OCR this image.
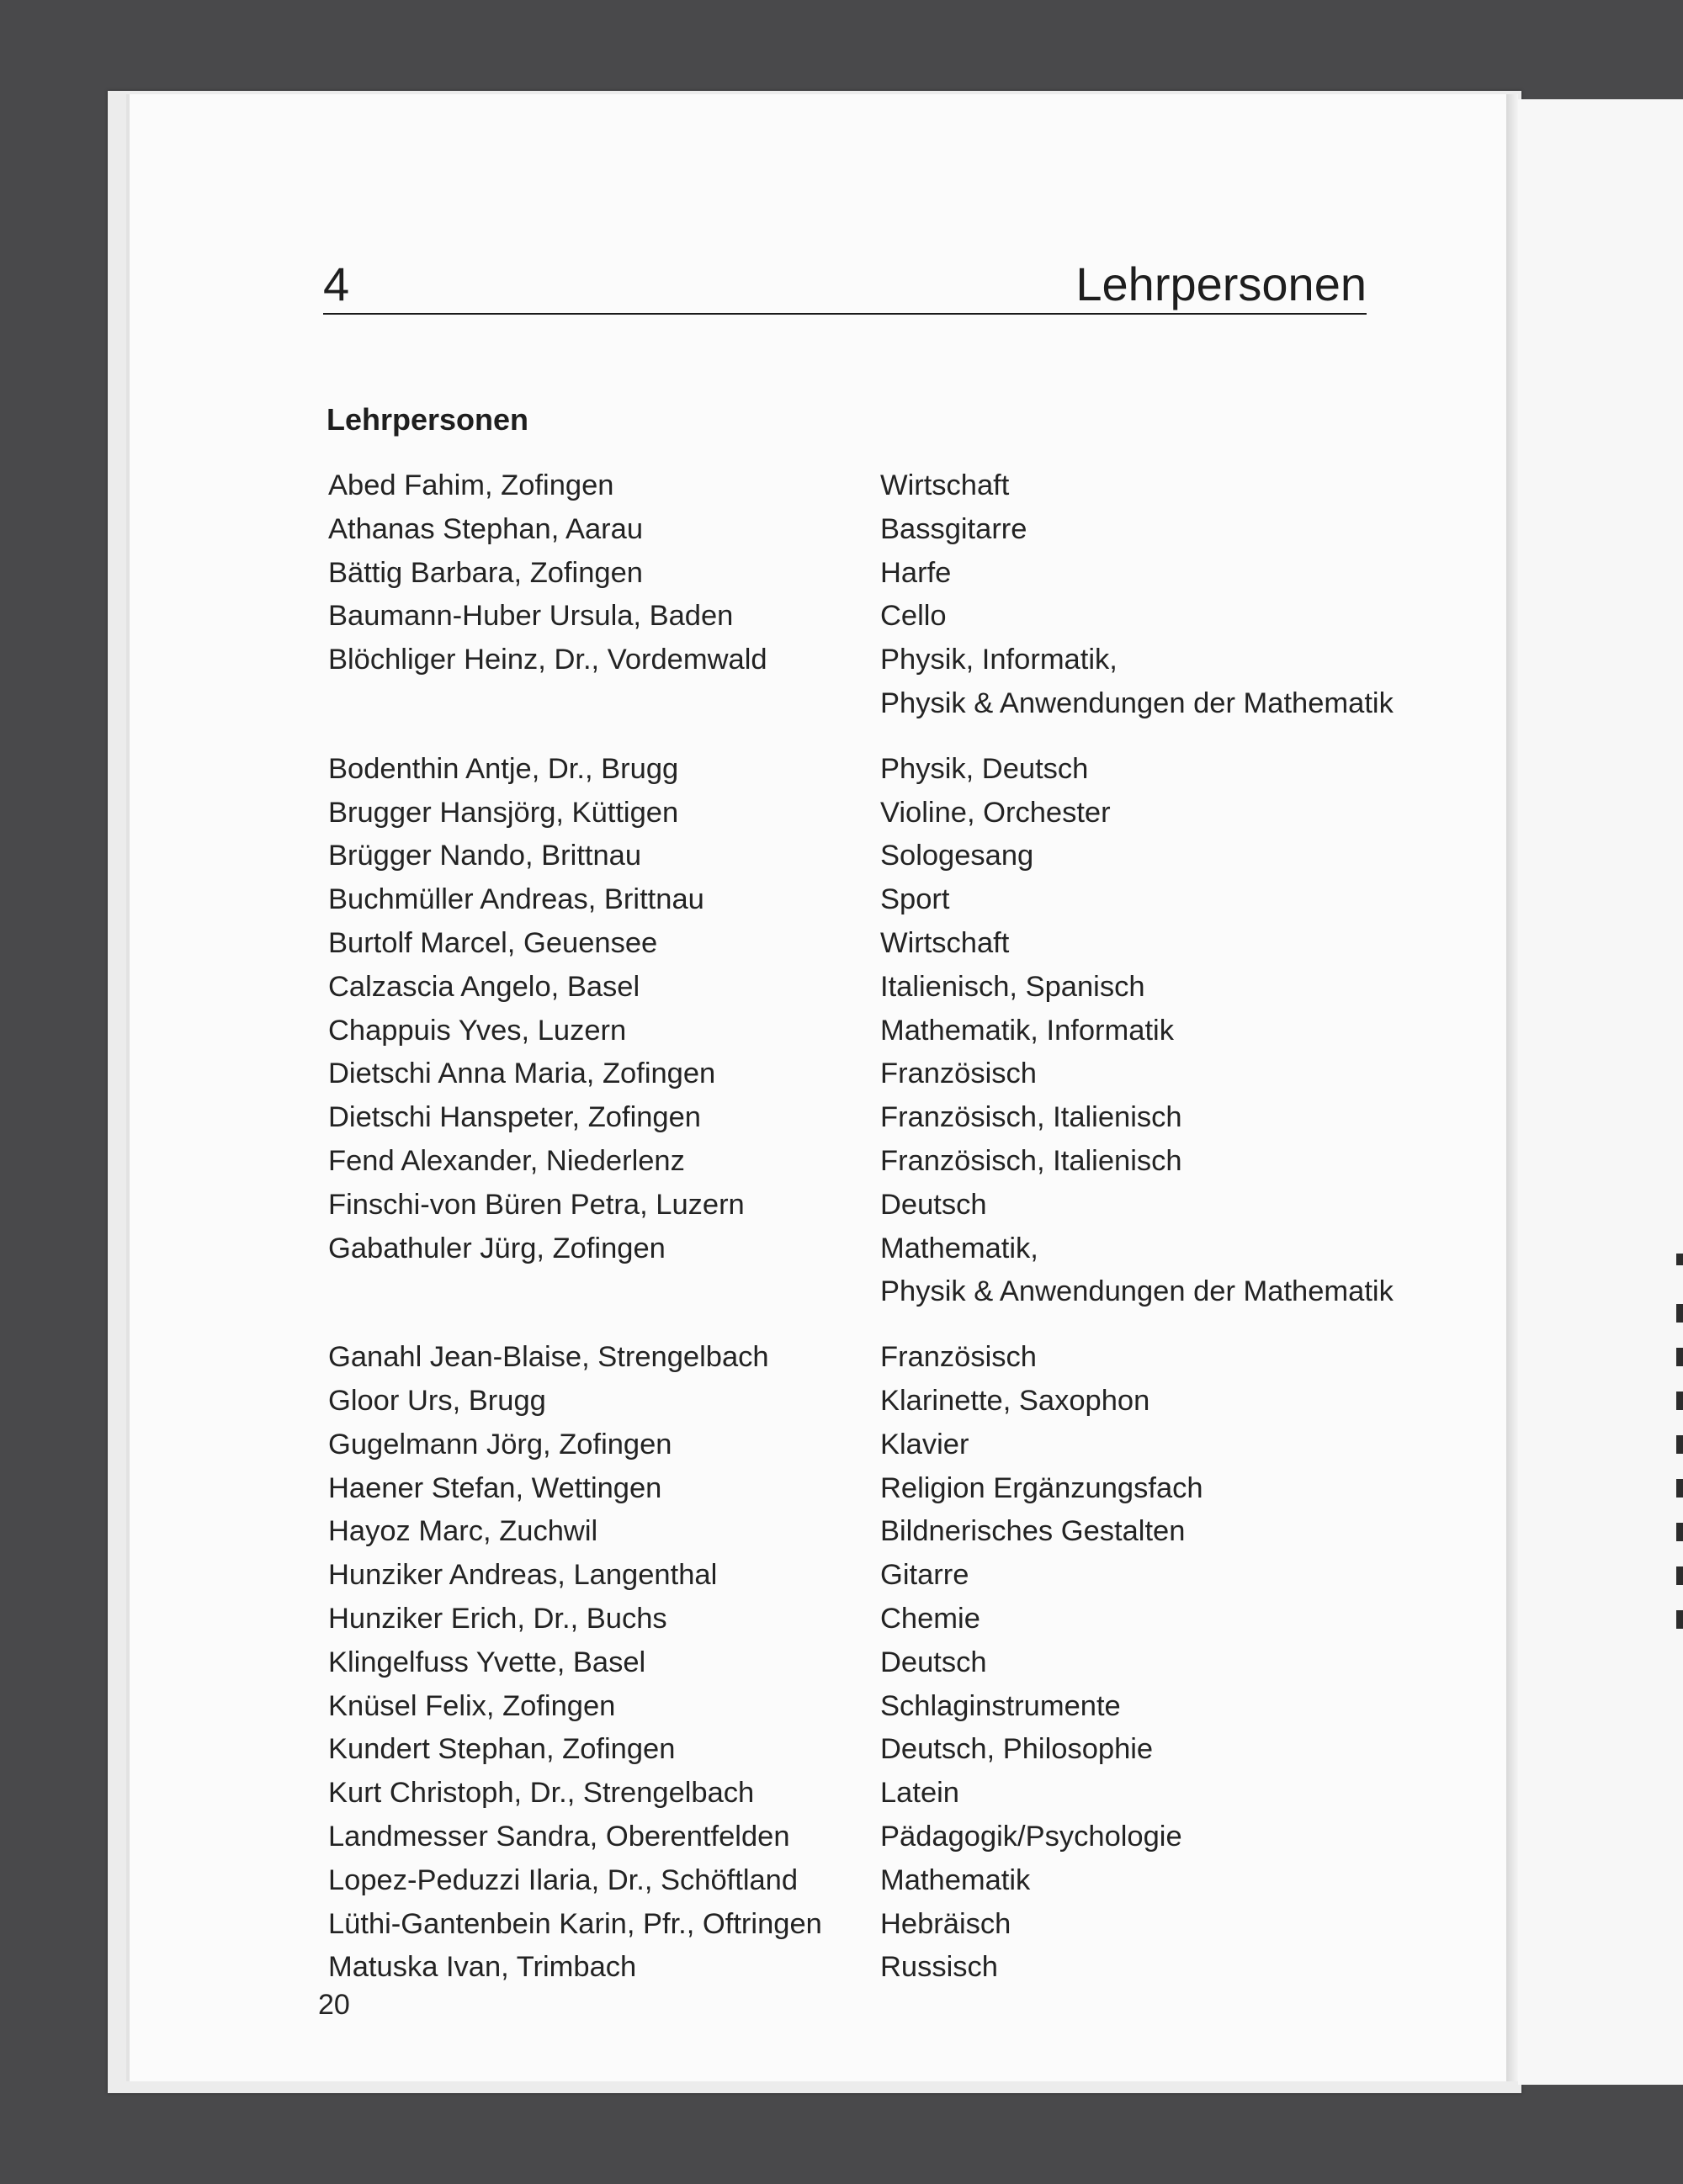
4	Lehrpersonen
Lehrpersonen
Abed Fahim, Zofingen	Wirtschaft
Athanas Stephan, Aarau	Bassgitarre
Bättig Barbara, Zofingen	Harfe
Baumann-Huber Ursula, Baden	Cello
Blöchliger Heinz, Dr., Vordemwald	Physik, Informatik,
Physik & Anwendungen der Mathematik
Bodenthin Antje, Dr., Brugg	Physik, Deutsch
Brugger Hansjörg, Küttigen	Violine, Orchester
Brügger Nando, Brittnau	Sologesang
Buchmüller Andreas, Brittnau	Sport
Burtolf Marcel, Geuensee	Wirtschaft
Calzascia Angelo, Basel	Italienisch, Spanisch
Chappuis Yves, Luzern	Mathematik, Informatik
Dietschi Anna Maria, Zofingen	Französisch
Dietschi Hanspeter, Zofingen	Französisch, Italienisch
Fend Alexander, Niederlenz	Französisch, Italienisch
Finschi-von Büren Petra, Luzern	Deutsch
Gabathuler Jürg, Zofingen	Mathematik,
Physik & Anwendungen der Mathematik
Ganahl Jean-Blaise, Strengelbach	Französisch
Gloor Urs, Brugg	Klarinette, Saxophon
Gugelmann Jörg, Zofingen	Klavier
Haener Stefan, Wettingen	Religion Ergänzungsfach
Hayoz Marc, Zuchwil	Bildnerisches Gestalten
Hunziker Andreas, Langenthal	Gitarre
Hunziker Erich, Dr., Buchs	Chemie
Klingelfuss Yvette, Basel	Deutsch
Knüsel Felix, Zofingen	Schlaginstrumente
Kundert Stephan, Zofingen	Deutsch, Philosophie
Kurt Christoph, Dr., Strengelbach	Latein
Landmesser Sandra, Oberentfelden	Pädagogik/Psychologie
Lopez-Peduzzi Ilaria, Dr., Schöftland	Mathematik
Lüthi-Gantenbein Karin, Pfr., Oftringen	Hebräisch
Matuska Ivan, Trimbach	Russisch
20
